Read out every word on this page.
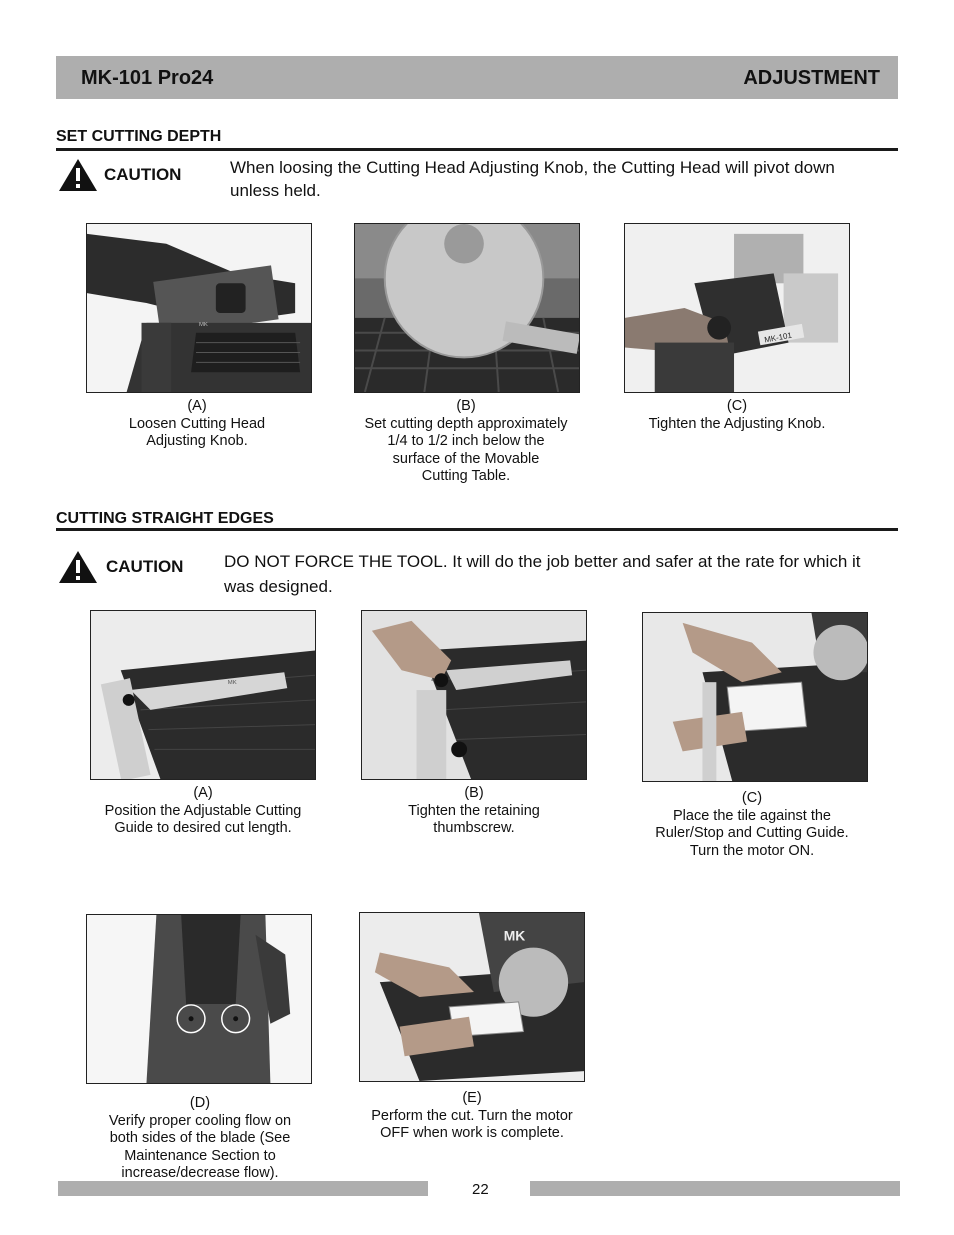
MK-101 Pro24	ADJUSTMENT
SET CUTTING DEPTH
CAUTION	When loosing the Cutting Head Adjusting Knob, the Cutting Head will pivot down unless held.
MK
MK-101
(A)
Loosen Cutting Head
Adjusting Knob.
(B)
Set cutting depth approximately
1/4 to 1/2 inch below the
surface of the Movable
Cutting Table.
(C)
Tighten the Adjusting Knob.
CUTTING STRAIGHT EDGES
CAUTION DO NOT FORCE THE TOOL. It will do the job better and safer at the rate for which it was designed.
MK
(A)
Position the Adjustable Cutting
Guide to desired cut length.
(B)
Tighten the retaining
thumbscrew.
(C)
Place the tile against the
Ruler/Stop and Cutting Guide.
Turn the motor ON.
MK
(D)
Verify proper cooling flow on
both sides of the blade (See
Maintenance Section to
increase/decrease flow).
(E)
Perform the cut. Turn the motor
OFF when work is complete.
22
